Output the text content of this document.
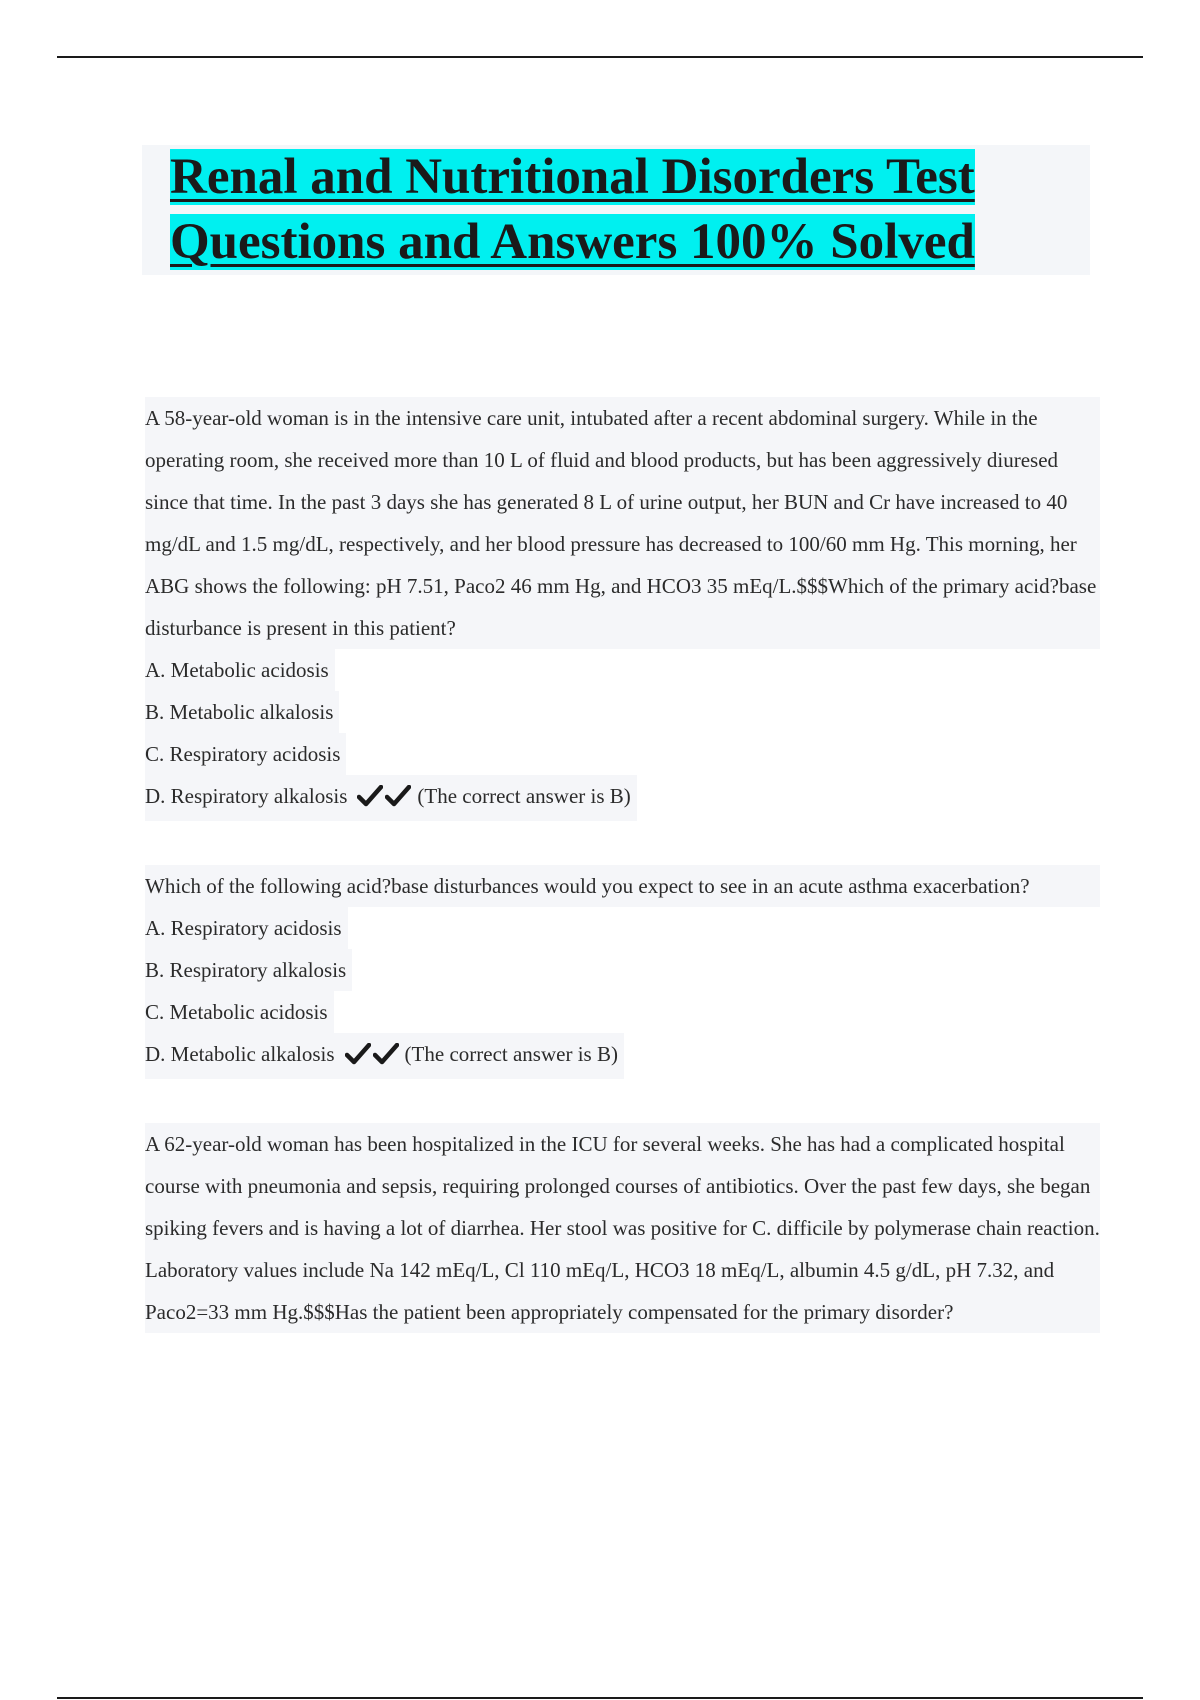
Renal and Nutritional Disorders Test Questions and Answers 100% Solved

A 58-year-old woman is in the intensive care unit, intubated after a recent abdominal surgery. While in the operating room, she received more than 10 L of fluid and blood products, but has been aggressively diuresed since that time. In the past 3 days she has generated 8 L of urine output, her BUN and Cr have increased to 40 mg/dL and 1.5 mg/dL, respectively, and her blood pressure has decreased to 100/60 mm Hg. This morning, her ABG shows the following: pH 7.51, Paco2 46 mm Hg, and HCO3 35 mEq/L.$$$Which of the primary acid?base disturbance is present in this patient?

A. Metabolic acidosis

B. Metabolic alkalosis

C. Respiratory acidosis

D. Respiratory alkalosis	(The correct answer is B)

Which of the following acid?base disturbances would you expect to see in an acute asthma exacerbation?

A. Respiratory acidosis

B. Respiratory alkalosis

C. Metabolic acidosis

D. Metabolic alkalosis	(The correct answer is B)

A 62-year-old woman has been hospitalized in the ICU for several weeks. She has had a complicated hospital course with pneumonia and sepsis, requiring prolonged courses of antibiotics. Over the past few days, she began spiking fevers and is having a lot of diarrhea. Her stool was positive for C. difficile by polymerase chain reaction. Laboratory values include Na 142 mEq/L, Cl 110 mEq/L, HCO3 18 mEq/L, albumin 4.5 g/dL, pH 7.32, and Paco2=33 mm Hg.$$$Has the patient been appropriately compensated for the primary disorder?
